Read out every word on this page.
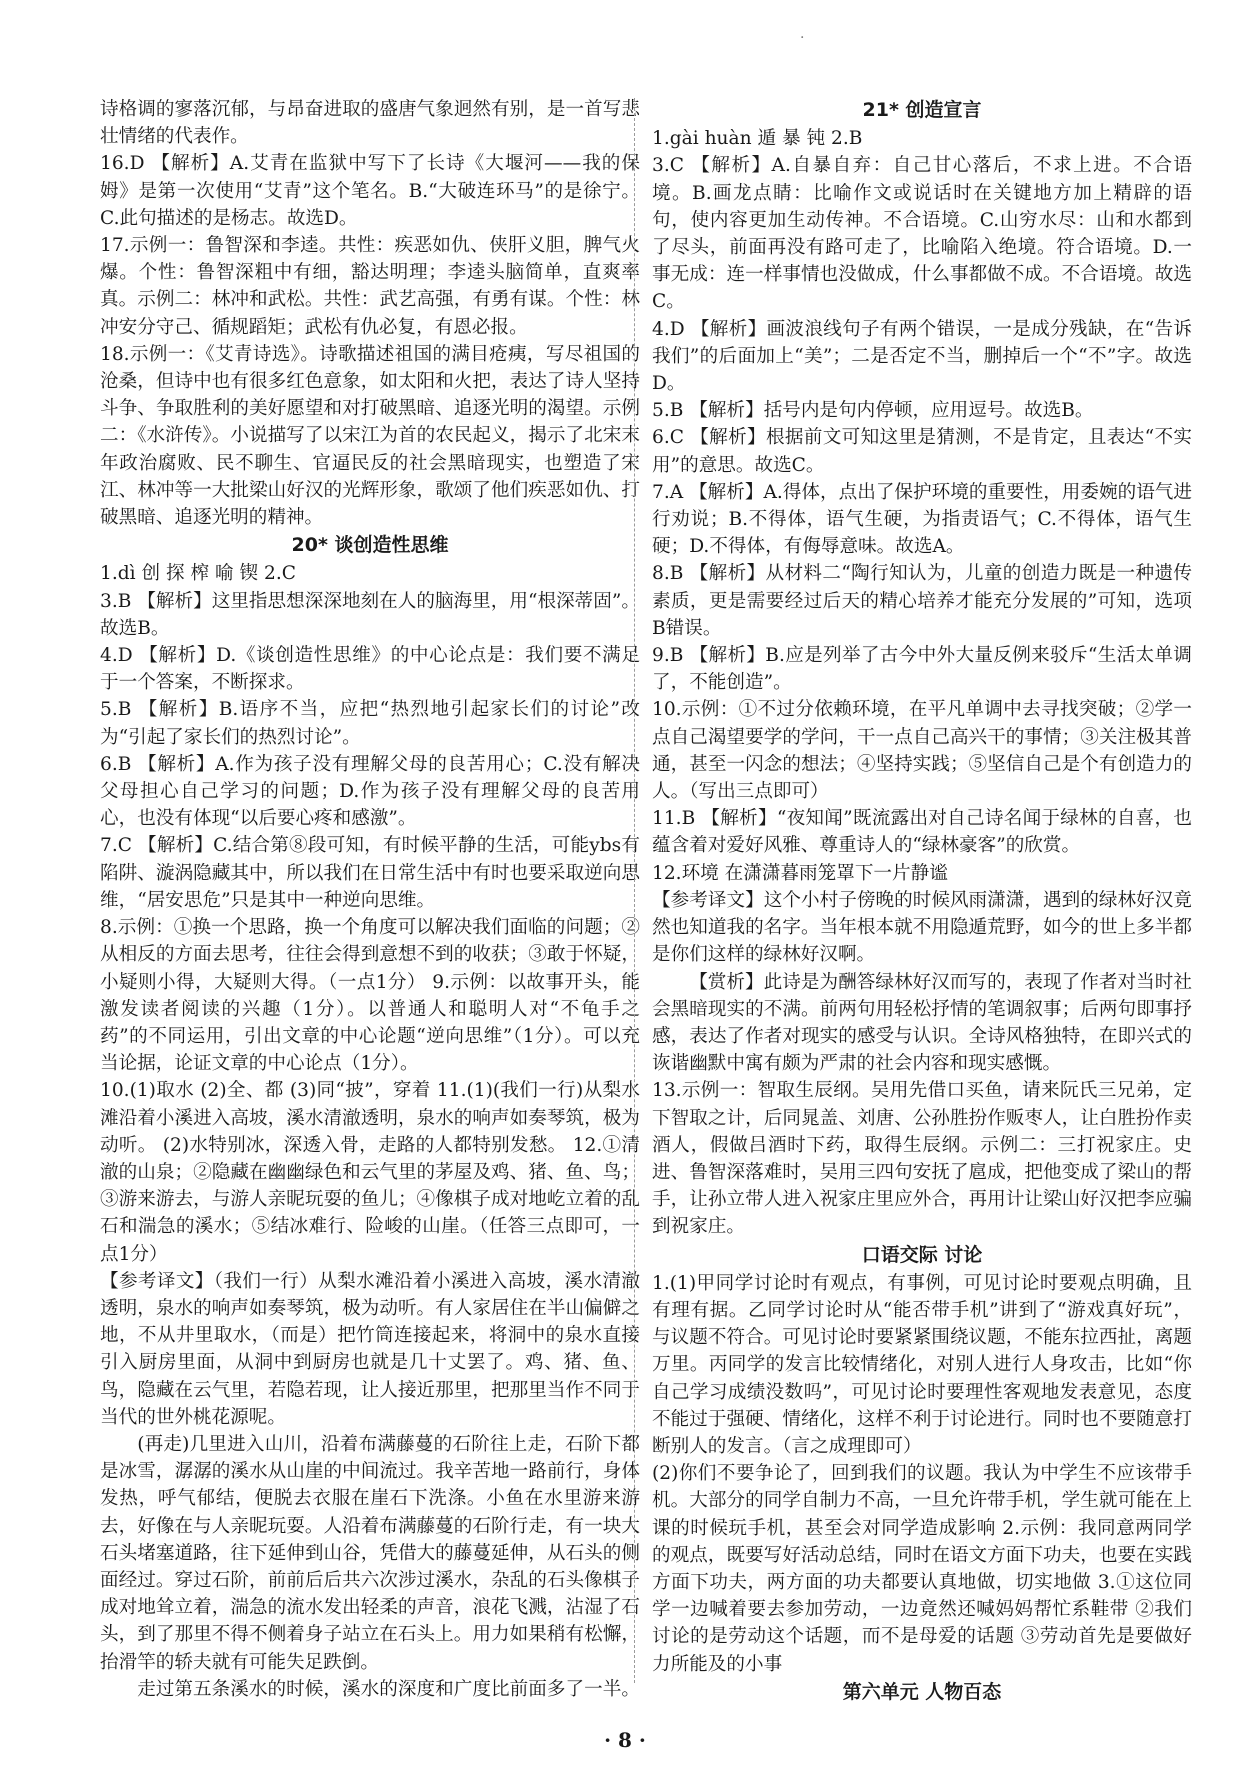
·

诗格调的寥落沉郁，与昂奋进取的盛唐气象迥然有别，是一首写悲壮情绪的代表作。

16.D 【解析】A.艾青在监狱中写下了长诗《大堰河——我的保姆》是第一次使用“艾青”这个笔名。B.“大破连环马”的是徐宁。C.此句描述的是杨志。故选D。

17.示例一：鲁智深和李逵。共性：疾恶如仇、侠肝义胆，脾气火爆。个性：鲁智深粗中有细，豁达明理；李逵头脑简单，直爽率真。示例二：林冲和武松。共性：武艺高强，有勇有谋。个性：林冲安分守己、循规蹈矩；武松有仇必复，有恩必报。

18.示例一：《艾青诗选》。诗歌描述祖国的满目疮痍，写尽祖国的沧桑，但诗中也有很多红色意象，如太阳和火把，表达了诗人坚持斗争、争取胜利的美好愿望和对打破黑暗、追逐光明的渴望。示例二：《水浒传》。小说描写了以宋江为首的农民起义，揭示了北宋末年政治腐败、民不聊生、官逼民反的社会黑暗现实，也塑造了宋江、林冲等一大批梁山好汉的光辉形象，歌颂了他们疾恶如仇、打破黑暗、追逐光明的精神。

20* 谈创造性思维

1.dì 创 探 榨 喻 锲 2.C

3.B 【解析】这里指思想深深地刻在人的脑海里，用“根深蒂固”。故选B。

4.D 【解析】D.《谈创造性思维》的中心论点是：我们要不满足于一个答案，不断探求。

5.B 【解析】B.语序不当，应把“热烈地引起家长们的讨论”改为“引起了家长们的热烈讨论”。

6.B 【解析】A.作为孩子没有理解父母的良苦用心；C.没有解决父母担心自己学习的问题；D.作为孩子没有理解父母的良苦用心，也没有体现“以后要心疼和感激”。

7.C 【解析】C.结合第⑧段可知，有时候平静的生活，可能ybs有陷阱、漩涡隐藏其中，所以我们在日常生活中有时也要采取逆向思维，“居安思危”只是其中一种逆向思维。

8.示例：①换一个思路，换一个角度可以解决我们面临的问题；②从相反的方面去思考，往往会得到意想不到的收获；③敢于怀疑，小疑则小得，大疑则大得。（一点1分） 9.示例：以故事开头，能激发读者阅读的兴趣（1分）。以普通人和聪明人对“不龟手之药”的不同运用，引出文章的中心论题“逆向思维”（1分）。可以充当论据，论证文章的中心论点（1分）。

10.(1)取水 (2)全、都 (3)同“披”，穿着 11.(1)(我们一行)从梨水滩沿着小溪进入高坡，溪水清澈透明，泉水的响声如奏琴筑，极为动听。 (2)水特别冰，深透入骨，走路的人都特别发愁。 12.①清澈的山泉；②隐藏在幽幽绿色和云气里的茅屋及鸡、猪、鱼、鸟；③游来游去，与游人亲昵玩耍的鱼儿；④像棋子成对地屹立着的乱石和湍急的溪水；⑤结冰难行、险峻的山崖。（任答三点即可，一点1分）

【参考译文】（我们一行）从梨水滩沿着小溪进入高坡，溪水清澈透明，泉水的响声如奏琴筑，极为动听。有人家居住在半山偏僻之地，不从井里取水，（而是）把竹筒连接起来，将洞中的泉水直接引入厨房里面，从洞中到厨房也就是几十丈罢了。鸡、猪、鱼、鸟，隐藏在云气里，若隐若现，让人接近那里，把那里当作不同于当代的世外桃花源呢。

(再走)几里进入山川，沿着布满藤蔓的石阶往上走，石阶下都是冰雪，潺潺的溪水从山崖的中间流过。我辛苦地一路前行，身体发热，呼气郁结，便脱去衣服在崖石下洗涤。小鱼在水里游来游去，好像在与人亲昵玩耍。人沿着布满藤蔓的石阶行走，有一块大石头堵塞道路，往下延伸到山谷，凭借大的藤蔓延伸，从石头的侧面经过。穿过石阶，前前后后共六次涉过溪水，杂乱的石头像棋子成对地耸立着，湍急的流水发出轻柔的声音，浪花飞溅，沾湿了石头，到了那里不得不侧着身子站立在石头上。用力如果稍有松懈，抬滑竿的轿夫就有可能失足跌倒。

走过第五条溪水的时候，溪水的深度和广度比前面多了一半。

21* 创造宣言

1.gài huàn 遁 暴 钝 2.B

3.C 【解析】A.自暴自弃：自己甘心落后，不求上进。不合语境。B.画龙点睛：比喻作文或说话时在关键地方加上精辟的语句，使内容更加生动传神。不合语境。C.山穷水尽：山和水都到了尽头，前面再没有路可走了，比喻陷入绝境。符合语境。D.一事无成：连一样事情也没做成，什么事都做不成。不合语境。故选C。

4.D 【解析】画波浪线句子有两个错误，一是成分残缺，在“告诉我们”的后面加上“美”；二是否定不当，删掉后一个“不”字。故选D。

5.B 【解析】括号内是句内停顿，应用逗号。故选B。

6.C 【解析】根据前文可知这里是猜测，不是肯定，且表达“不实用”的意思。故选C。

7.A 【解析】A.得体，点出了保护环境的重要性，用委婉的语气进行劝说；B.不得体，语气生硬，为指责语气；C.不得体，语气生硬；D.不得体，有侮辱意味。故选A。

8.B 【解析】从材料二“陶行知认为，儿童的创造力既是一种遗传素质，更是需要经过后天的精心培养才能充分发展的”可知，选项B错误。

9.B 【解析】B.应是列举了古今中外大量反例来驳斥“生活太单调了，不能创造”。

10.示例：①不过分依赖环境，在平凡单调中去寻找突破；②学一点自己渴望要学的学问，干一点自己高兴干的事情；③关注极其普通，甚至一闪念的想法；④坚持实践；⑤坚信自己是个有创造力的人。（写出三点即可）

11.B 【解析】“夜知闻”既流露出对自己诗名闻于绿林的自喜，也蕴含着对爱好风雅、尊重诗人的“绿林豪客”的欣赏。

12.环境 在潇潇暮雨笼罩下一片静谧

【参考译文】这个小村子傍晚的时候风雨潇潇，遇到的绿林好汉竟然也知道我的名字。当年根本就不用隐遁荒野，如今的世上多半都是你们这样的绿林好汉啊。

【赏析】此诗是为酬答绿林好汉而写的，表现了作者对当时社会黑暗现实的不满。前两句用轻松抒情的笔调叙事；后两句即事抒感，表达了作者对现实的感受与认识。全诗风格独特，在即兴式的诙谐幽默中寓有颇为严肃的社会内容和现实感慨。

13.示例一：智取生辰纲。吴用先借口买鱼，请来阮氏三兄弟，定下智取之计，后同晁盖、刘唐、公孙胜扮作贩枣人，让白胜扮作卖酒人，假做吕酒时下药，取得生辰纲。示例二：三打祝家庄。史进、鲁智深落难时，吴用三四句安抚了扈成，把他变成了梁山的帮手，让孙立带人进入祝家庄里应外合，再用计让梁山好汉把李应骗到祝家庄。

口语交际 讨论

1.(1)甲同学讨论时有观点，有事例，可见讨论时要观点明确，且有理有据。乙同学讨论时从“能否带手机”讲到了“游戏真好玩”，与议题不符合。可见讨论时要紧紧围绕议题，不能东拉西扯，离题万里。丙同学的发言比较情绪化，对别人进行人身攻击，比如“你自己学习成绩没数吗”，可见讨论时要理性客观地发表意见，态度不能过于强硬、情绪化，这样不利于讨论进行。同时也不要随意打断别人的发言。（言之成理即可）

(2)你们不要争论了，回到我们的议题。我认为中学生不应该带手机。大部分的同学自制力不高，一旦允许带手机，学生就可能在上课的时候玩手机，甚至会对同学造成影响 2.示例：我同意两同学的观点，既要写好活动总结，同时在语文方面下功夫，也要在实践方面下功夫，两方面的功夫都要认真地做，切实地做 3.①这位同学一边喊着要去参加劳动，一边竟然还喊妈妈帮忙系鞋带 ②我们讨论的是劳动这个话题，而不是母爱的话题 ③劳动首先是要做好力所能及的小事

第六单元 人物百态

· 8 ·
